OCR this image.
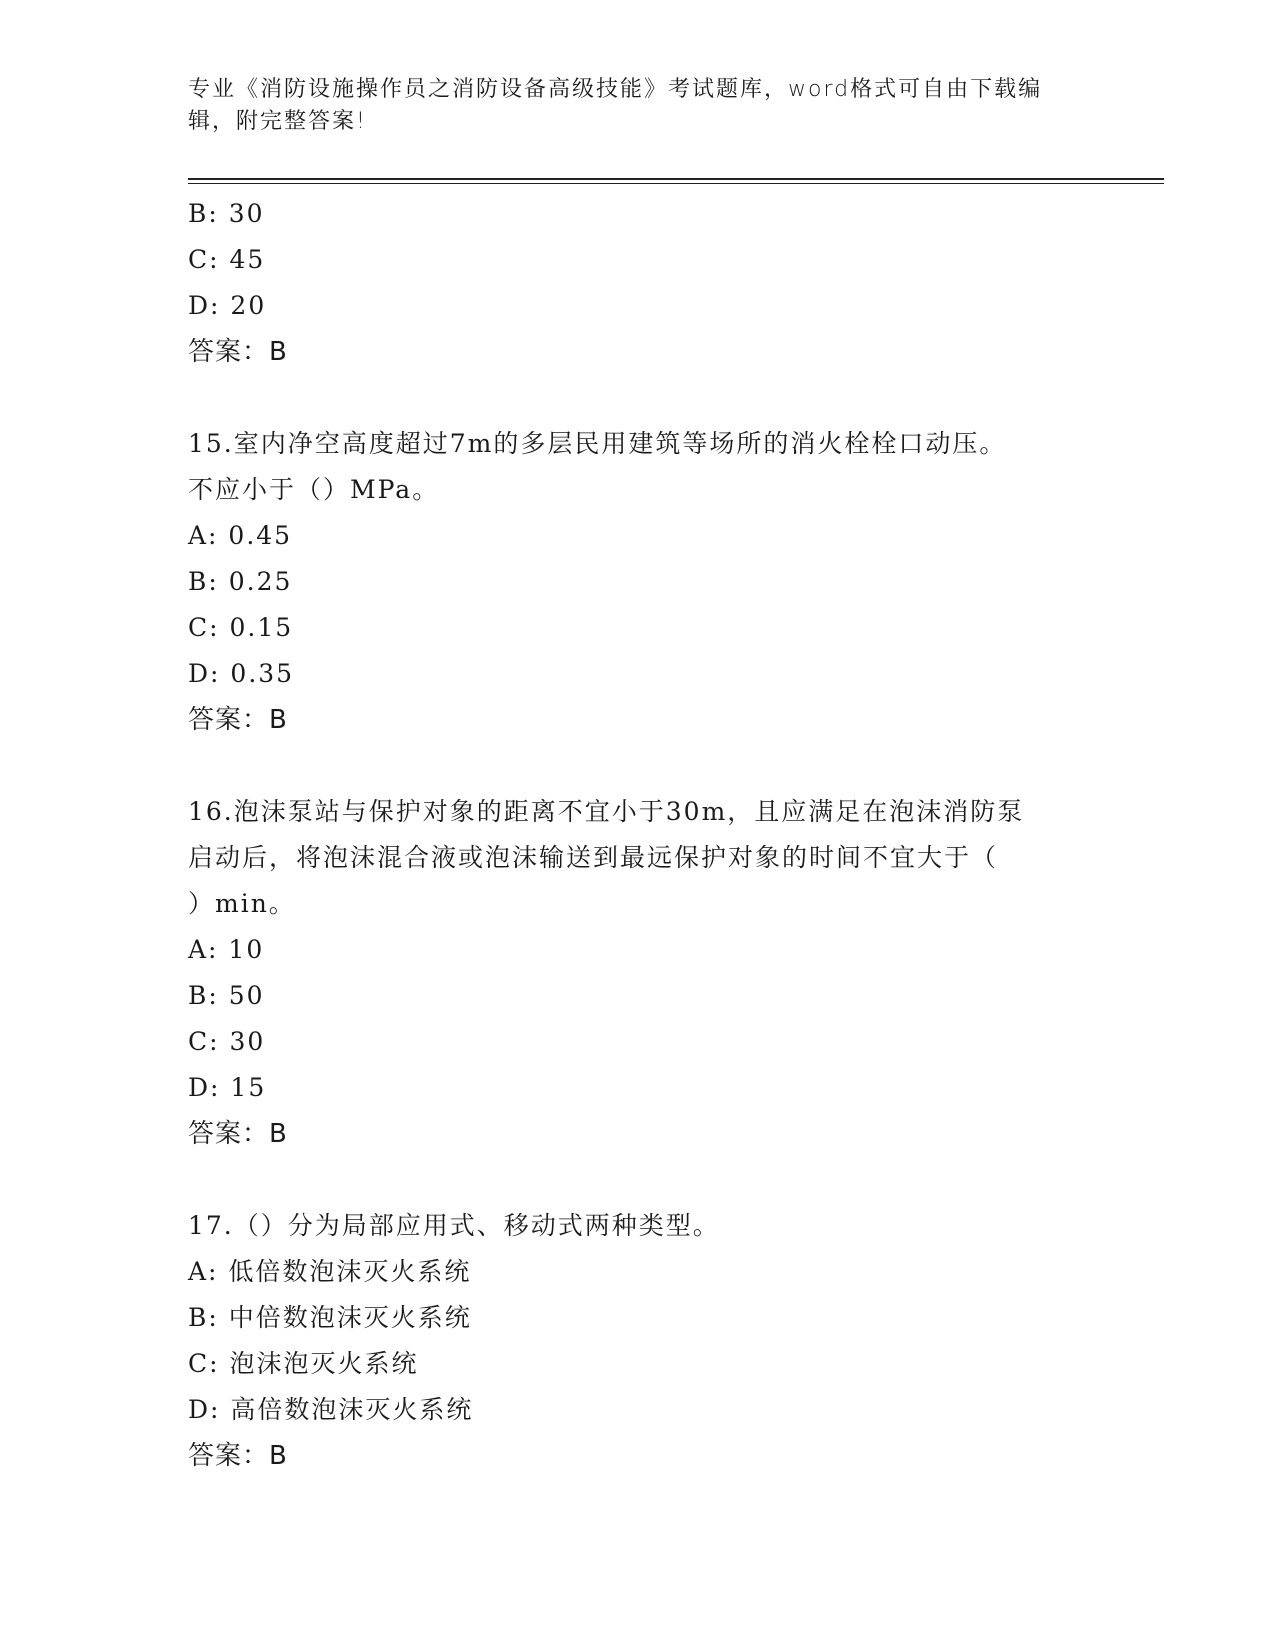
专业《消防设施操作员之消防设备高级技能》考试题库，word格式可自由下载编
辑，附完整答案!
B: 30
C: 45
D: 20
答案：B
15.室内净空高度超过7m的多层民用建筑等场所的消火栓栓口动压。
不应小于（）MPa。
A: 0.45
B: 0.25
C: 0.15
D: 0.35
答案：B
16.泡沫泵站与保护对象的距离不宜小于30m，且应满足在泡沫消防泵
启动后，将泡沫混合液或泡沫输送到最远保护对象的时间不宜大于（
）min。
A: 10
B: 50
C: 30
D: 15
答案：B
17.（）分为局部应用式、移动式两种类型。
A: 低倍数泡沫灭火系统
B: 中倍数泡沫灭火系统
C: 泡沫泡灭火系统
D: 高倍数泡沫灭火系统
答案：B
